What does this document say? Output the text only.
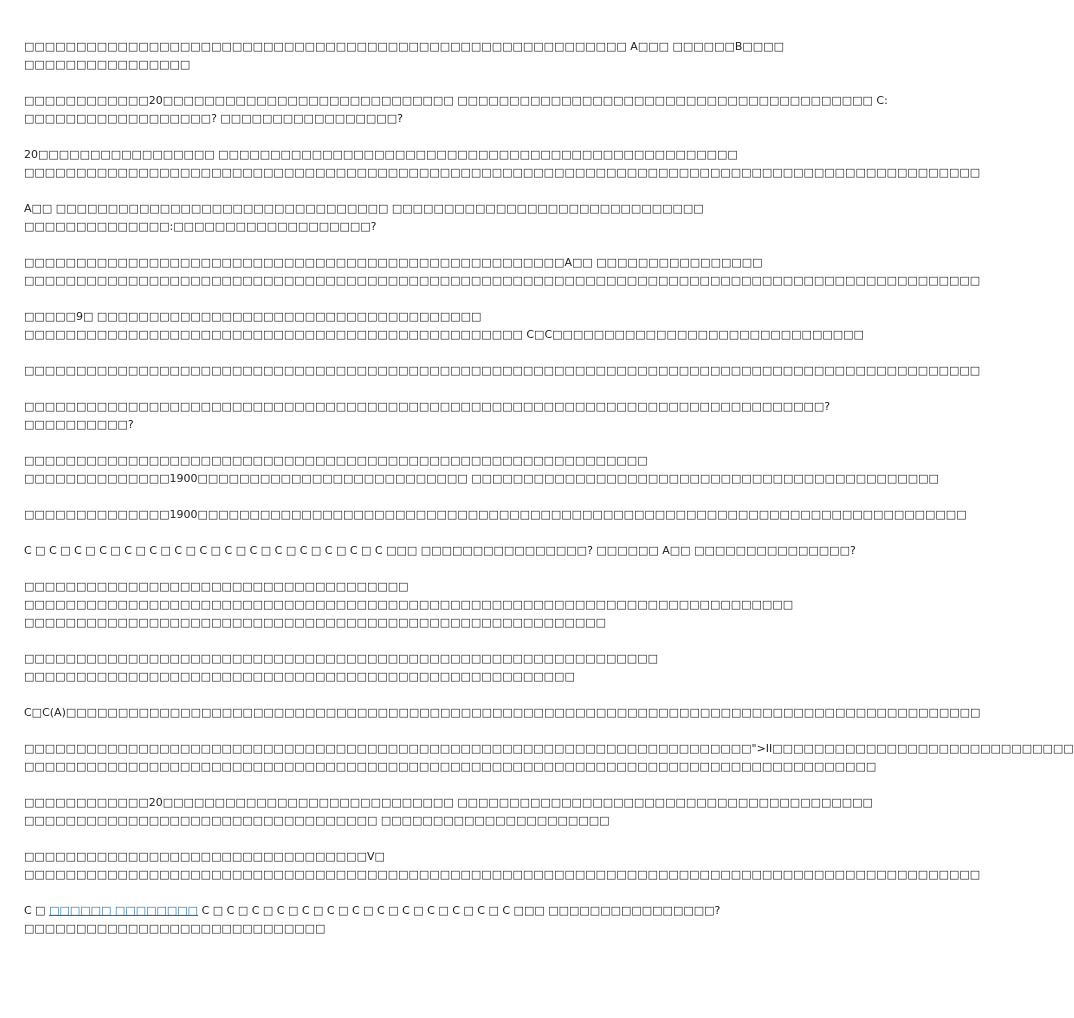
□□□□□□□□□□□□□□□□□□□□□□□□□□□□□□□□□□□□□□□□□□□□□□□□□□□□□□□□□□ A□□□ □□□□□□B□□□□
□□□□□□□□□□□□□□□□
□□□□□□□□□□□□20□□□□□□□□□□□□□□□□□□□□□□□□□□□□ □□□□□□□□□□□□□□□□□□□□□□□□□□□□□□□□□□□□□□□□ C:
□□□□□□□□□□□□□□□□□□? □□□□□□□□□□□□□□□□□?
20□□□□□□□□□□□□□□□□□ □□□□□□□□□□□□□□□□□□□□□□□□□□□□□□□□□□□□□□□□□□□□□□□□□□
□□□□□□□□□□□□□□□□□□□□□□□□□□□□□□□□□□□□□□□□□□□□□□□□□□□□□□□□□□□□□□□□□□□□□□□□□□□□□□□□□□□□□□□□□□□□
A□□ □□□□□□□□□□□□□□□□□□□□□□□□□□□□□□□□ □□□□□□□□□□□□□□□□□□□□□□□□□□□□□□
□□□□□□□□□□□□□□:□□□□□□□□□□□□□□□□□□□?
□□□□□□□□□□□□□□□□□□□□□□□□□□□□□□□□□□□□□□□□□□□□□□□□□□□□A□□ □□□□□□□□□□□□□□□□
□□□□□□□□□□□□□□□□□□□□□□□□□□□□□□□□□□□□□□□□□□□□□□□□□□□□□□□□□□□□□□□□□□□□□□□□□□□□□□□□□□□□□□□□□□□□
□□□□□9□ □□□□□□□□□□□□□□□□□□□□□□□□□□□□□□□□□□□□□
□□□□□□□□□□□□□□□□□□□□□□□□□□□□□□□□□□□□□□□□□□□□□□□□ C□C□□□□□□□□□□□□□□□□□□□□□□□□□□□□□□
□□□□□□□□□□□□□□□□□□□□□□□□□□□□□□□□□□□□□□□□□□□□□□□□□□□□□□□□□□□□□□□□□□□□□□□□□□□□□□□□□□□□□□□□□□□□
□□□□□□□□□□□□□□□□□□□□□□□□□□□□□□□□□□□□□□□□□□□□□□□□□□□□□□□□□□□□□□□□□□□□□□□□□□□□□?
□□□□□□□□□□?
□□□□□□□□□□□□□□□□□□□□□□□□□□□□□□□□□□□□□□□□□□□□□□□□□□□□□□□□□□□□
□□□□□□□□□□□□□□1900□□□□□□□□□□□□□□□□□□□□□□□□□□ □□□□□□□□□□□□□□□□□□□□□□□□□□□□□□□□□□□□□□□□□□□□□
□□□□□□□□□□□□□□1900□□□□□□□□□□□□□□□□□□□□□□□□□□□□□□□□□□□□□□□□□□□□□□□□□□□□□□□□□□□□□□□□□□□□□□□□□□
C □ C □ C □ C □ C □ C □ C □ C □ C □ C □ C □ C □ C □ C □ C □□□ □□□□□□□□□□□□□□□□? □□□□□□ A□□ □□□□□□□□□□□□□□□?
□□□□□□□□□□□□□□□□□□□□□□□□□□□□□□□□□□□□□
□□□□□□□□□□□□□□□□□□□□□□□□□□□□□□□□□□□□□□□□□□□□□□□□□□□□□□□□□□□□□□□□□□□□□□□□□□
□□□□□□□□□□□□□□□□□□□□□□□□□□□□□□□□□□□□□□□□□□□□□□□□□□□□□□□□
□□□□□□□□□□□□□□□□□□□□□□□□□□□□□□□□□□□□□□□□□□□□□□□□□□□□□□□□□□□□□
□□□□□□□□□□□□□□□□□□□□□□□□□□□□□□□□□□□□□□□□□□□□□□□□□□□□□
C□C(A)□□□□□□□□□□□□□□□□□□□□□□□□□□□□□□□□□□□□□□□□□□□□□□□□□□□□□□□□□□□□□□□□□□□□□□□□□□□□□□□□□□□□□□□□
□□□□□□□□□□□□□□□□□□□□□□□□□□□□□□□□□□□□□□□□□□□□□□□□□□□□□□□□□□□□□□□□□□□□□□">II□□□□□□□□□□□□□□□□□□□□□□□□□□□□□
□□□□□□□□□□□□□□□□□□□□□□□□□□□□□□□□□□□□□□□□□□□□□□□□□□□□□□□□□□□□□□□□□□□□□□□□□□□□□□□□□□
□□□□□□□□□□□□20□□□□□□□□□□□□□□□□□□□□□□□□□□□□ □□□□□□□□□□□□□□□□□□□□□□□□□□□□□□□□□□□□□□□□
□□□□□□□□□□□□□□□□□□□□□□□□□□□□□□□□□□ □□□□□□□□□□□□□□□□□□□□□□
□□□□□□□□□□□□□□□□□□□□□□□□□□□□□□□□□V□
□□□□□□□□□□□□□□□□□□□□□□□□□□□□□□□□□□□□□□□□□□□□□□□□□□□□□□□□□□□□□□□□□□□□□□□□□□□□□□□□□□□□□□□□□□□□
C □ □□□□□□ □□□□□□□□ C □ C □ C □ C □ C □ C □ C □ C □ C □ C □ C □ C □ C □□□ □□□□□□□□□□□□□□□□?
□□□□□□□□□□□□□□□□□□□□□□□□□□□□□
